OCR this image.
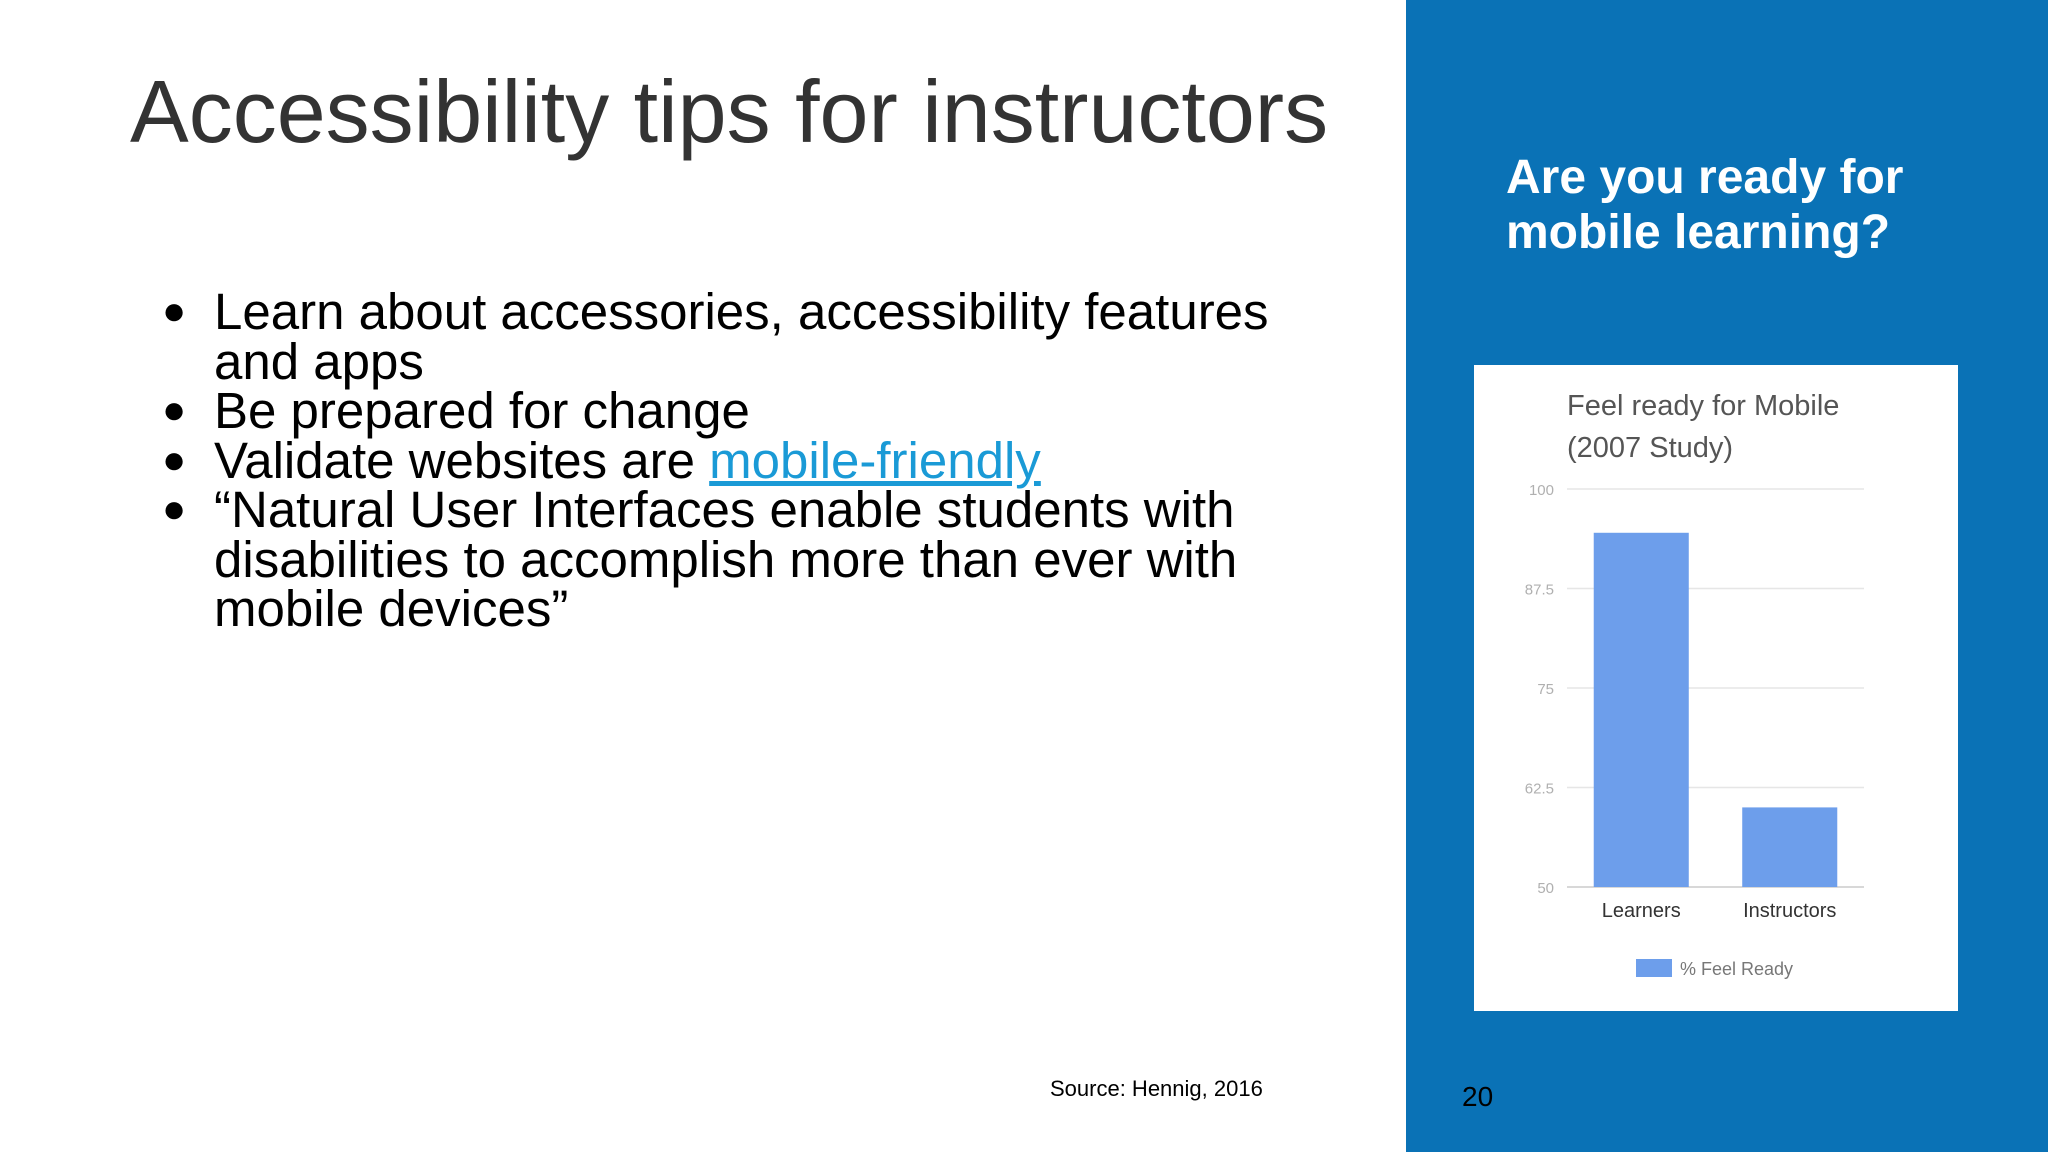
Accessibility tips for instructors
● Learn about accessories, accessibility features and apps
● Be prepared for change
● Validate websites are mobile-friendly
● “Natural User Interfaces enable students with disabilities to accomplish more than ever with mobile devices”
Source: Hennig, 2016
Are you ready for mobile learning?
Feel ready for Mobile
(2007 Study)
50
62.5
75
87.5
100
Learners	Instructors
% Feel Ready
20
